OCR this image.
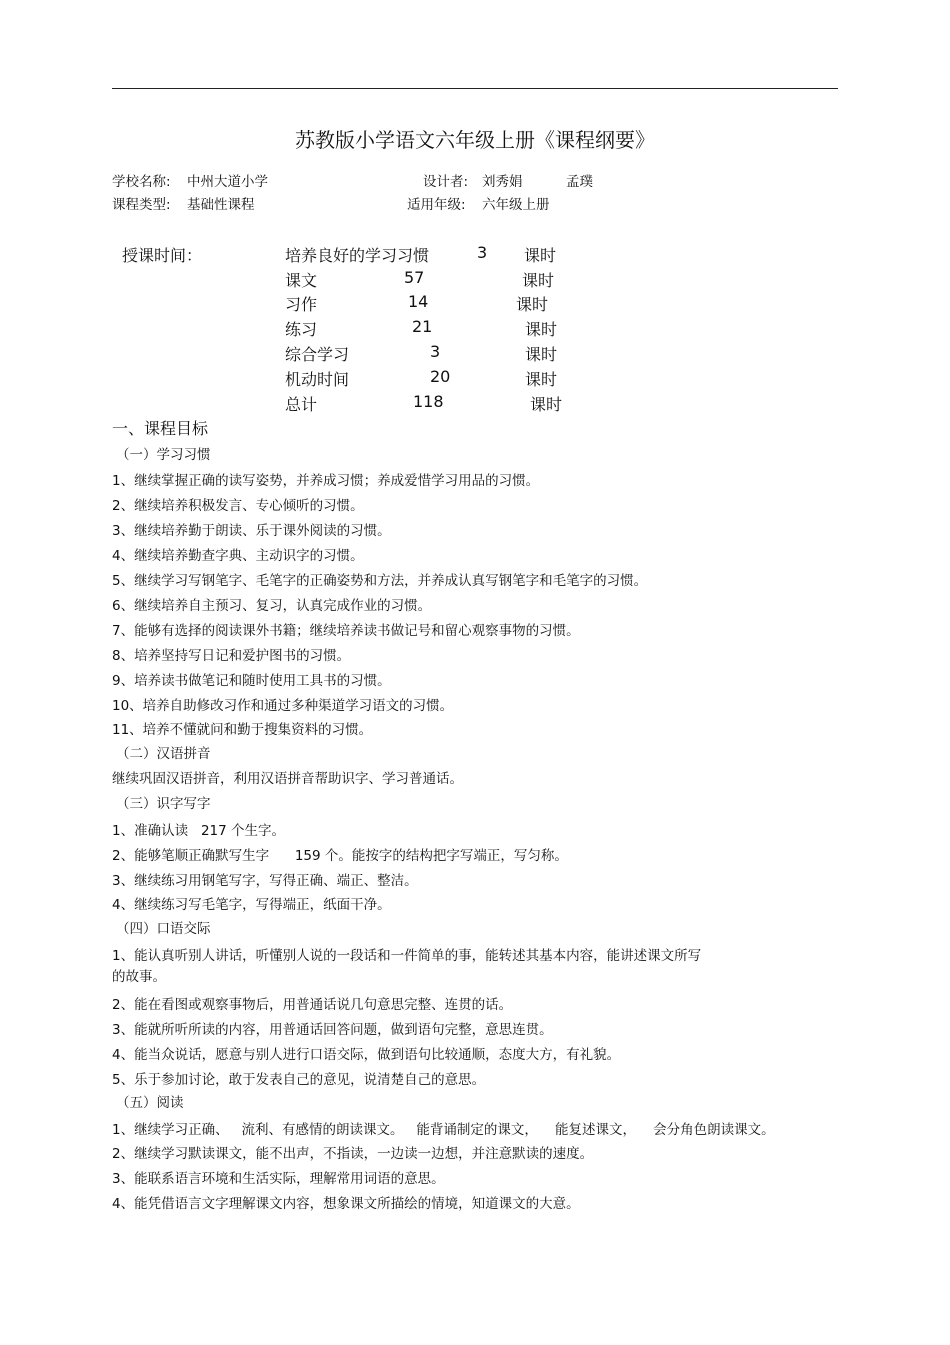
苏教版小学语文六年级上册《课程纲要》
学校名称: 中州大道小学	设计者: 刘秀娟	孟璞
课程类型: 基础性课程	适用年级: 六年级上册
授课时间：	培养良好的学习习惯	3 课时
课文	57	课时
习作	14	课时
练习	21	课时
综合学习	3	课时
机动时间	20	课时
总计	118	课时
一、课程目标
（一）学习习惯
1、继续掌握正确的读写姿势，并养成习惯；养成爱惜学习用品的习惯。
2、继续培养积极发言、专心倾听的习惯。
3、继续培养勤于朗读、乐于课外阅读的习惯。
4、继续培养勤查字典、主动识字的习惯。
5、继续学习写钢笔字、毛笔字的正确姿势和方法，并养成认真写钢笔字和毛笔字的习惯。
6、继续培养自主预习、复习，认真完成作业的习惯。
7、能够有选择的阅读课外书籍；继续培养读书做记号和留心观察事物的习惯。
8、培养坚持写日记和爱护图书的习惯。
9、培养读书做笔记和随时使用工具书的习惯。
10、培养自助修改习作和通过多种渠道学习语文的习惯。
11、培养不懂就问和勤于搜集资料的习惯。
（二）汉语拼音
继续巩固汉语拼音，利用汉语拼音帮助识字、学习普通话。
（三）识字写字
1、准确认读   217 个生字。
2、能够笔顺正确默写生字      159 个。能按字的结构把字写端正，写匀称。
3、继续练习用钢笔写字，写得正确、端正、整洁。
4、继续练习写毛笔字，写得端正，纸面干净。
（四）口语交际
1、能认真听别人讲话，听懂别人说的一段话和一件简单的事，能转述其基本内容，能讲述课文所写
的故事。
2、能在看图或观察事物后，用普通话说几句意思完整、连贯的话。
3、能就所听所读的内容，用普通话回答问题，做到语句完整，意思连贯。
4、能当众说话，愿意与别人进行口语交际，做到语句比较通顺，态度大方，有礼貌。
5、乐于参加讨论，敢于发表自己的意见，说清楚自己的意思。
（五）阅读
1、继续学习正确、   流利、有感情的朗读课文。   能背诵制定的课文，    能复述课文，    会分角色朗读课文。
2、继续学习默读课文，能不出声，不指读，一边读一边想，并注意默读的速度。
3、能联系语言环境和生活实际，理解常用词语的意思。
4、能凭借语言文字理解课文内容，想象课文所描绘的情境，知道课文的大意。
